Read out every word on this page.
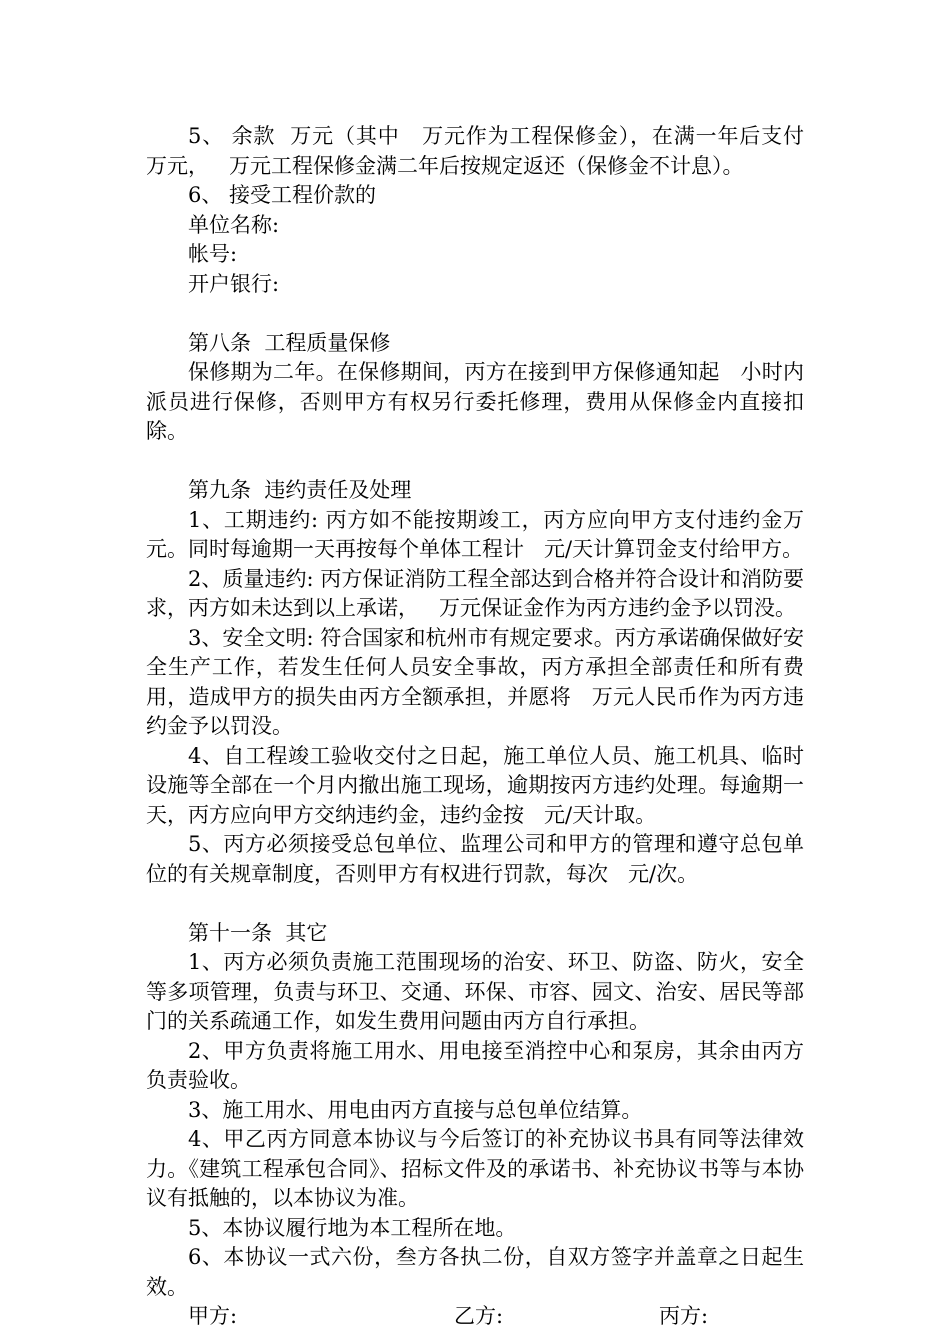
5、 余款  万元（其中   万元作为工程保修金），在满一年后支付   万元，   万元工程保修金满二年后按规定返还（保修金不计息）。

6、 接受工程价款的

单位名称:

帐号:

开户银行:

第八条  工程质量保修

保修期为二年。在保修期间，丙方在接到甲方保修通知起   小时内派员进行保修，否则甲方有权另行委托修理，费用从保修金内直接扣除。

第九条  违约责任及处理

1、工期违约: 丙方如不能按期竣工，丙方应向甲方支付违约金万元。同时每逾期一天再按每个单体工程计   元/天计算罚金支付给甲方。

2、质量违约: 丙方保证消防工程全部达到合格并符合设计和消防要求，丙方如未达到以上承诺，   万元保证金作为丙方违约金予以罚没。

3、安全文明: 符合国家和杭州市有规定要求。丙方承诺确保做好安全生产工作，若发生任何人员安全事故，丙方承担全部责任和所有费用，造成甲方的损失由丙方全额承担，并愿将   万元人民币作为丙方违约金予以罚没。

4、自工程竣工验收交付之日起，施工单位人员、施工机具、临时设施等全部在一个月内撤出施工现场，逾期按丙方违约处理。每逾期一天，丙方应向甲方交纳违约金，违约金按   元/天计取。

5、丙方必须接受总包单位、监理公司和甲方的管理和遵守总包单位的有关规章制度，否则甲方有权进行罚款，每次   元/次。

第十一条  其它

1、丙方必须负责施工范围现场的治安、环卫、防盗、防火，安全等多项管理，负责与环卫、交通、环保、市容、园文、治安、居民等部门的关系疏通工作，如发生费用问题由丙方自行承担。

2、甲方负责将施工用水、用电接至消控中心和泵房，其余由丙方负责验收。

3、施工用水、用电由丙方直接与总包单位结算。

4、甲乙丙方同意本协议与今后签订的补充协议书具有同等法律效力。《建筑工程承包合同》、招标文件及的承诺书、补充协议书等与本协议有抵触的，以本协议为准。

5、本协议履行地为本工程所在地。

6、本协议一式六份，叁方各执二份，自双方签字并盖章之日起生效。

甲方:	乙方:	丙方:
